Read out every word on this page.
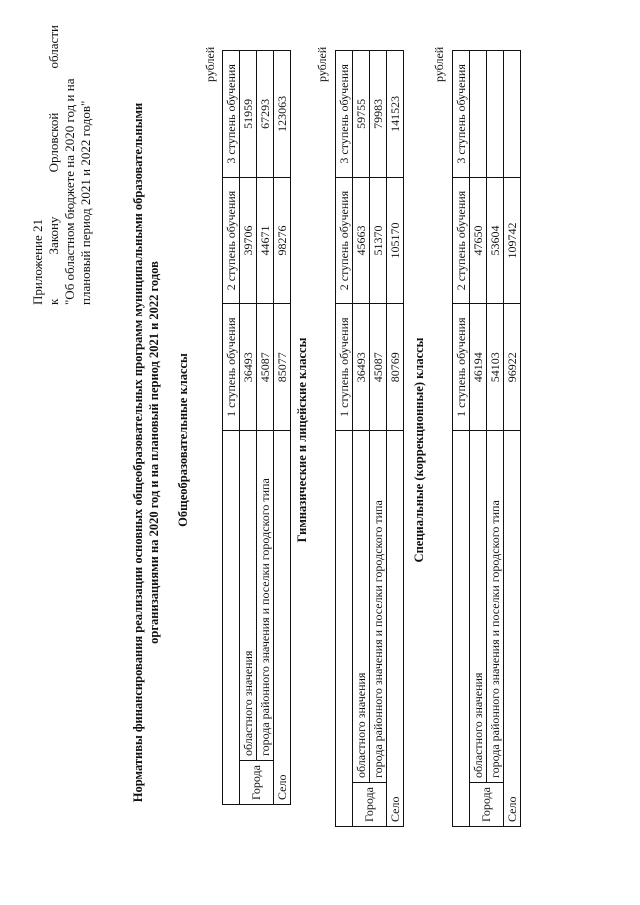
Приложение 21 к
Закону
Орловской
области
"Об областном бюджете на 2020 год и на плановый период 2021 и 2022 годов"	Нормативы финансирования реализации основных общеобразовательных программ муниципальными образовательными организациями на 2020 год и на плановый период 2021 и 2022 годов
рублей
Общеобразовательные классы
		1 ступень обучения	2 ступень обучения	3 ступень обучения
Города	областного значения	36493	39706	51959
	города районного значения и поселки городского типа	45087	44671	67293
Село		85077	98276	123063
рублей
Гимназические и лицейские классы
		1 ступень обучения	2 ступень обучения	3 ступень обучения
Города	областного значения	36493	45663	59755
	города районного значения и поселки городского типа	45087	51370	79983
Село		80769	105170	141523
рублей
Специальные (коррекционные) классы
		1 ступень обучения	2 ступень обучения	3 ступень обучения
Города	областного значения	46194	47650	
	города районного значения и поселки городского типа	54103	53604	
Село		96922	109742	
